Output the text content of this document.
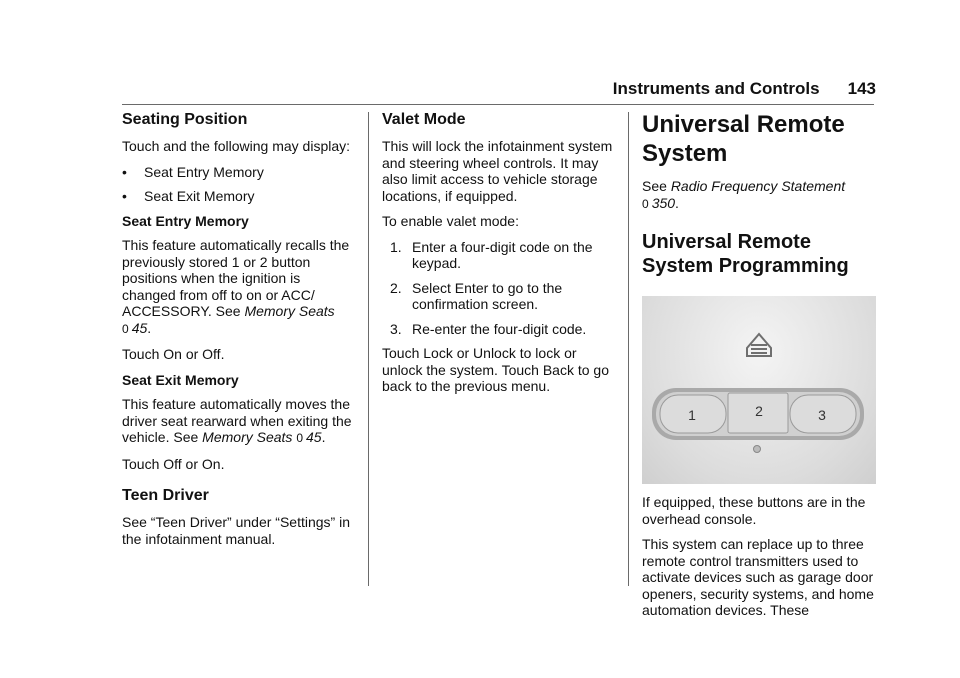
Instruments and Controls 143
Seating Position

Touch and the following may display:

•	Seat Entry Memory
•	Seat Exit Memory
Seat Entry Memory

This feature automatically recalls the previously stored 1 or 2 button positions when the ignition is changed from off to on or ACC/ ACCESSORY. See Memory Seats
0 45.

Touch On or Off.

Seat Exit Memory

This feature automatically moves the driver seat rearward when exiting the vehicle. See Memory Seats 0 45.

Touch Off or On.

Teen Driver

See “Teen Driver” under “Settings” in the infotainment manual.

Valet Mode

This will lock the infotainment system and steering wheel controls. It may also limit access to vehicle storage locations, if equipped.

To enable valet mode:

1. Enter a four-digit code on the keypad.
2. Select Enter to go to the confirmation screen.
3. Re-enter the four-digit code.

Touch Lock or Unlock to lock or unlock the system. Touch Back to go back to the previous menu.

Universal Remote System

See Radio Frequency Statement
0 350.

Universal Remote System Programming
1	2	3

If equipped, these buttons are in the overhead console.

This system can replace up to three remote control transmitters used to activate devices such as garage door openers, security systems, and home automation devices. These
